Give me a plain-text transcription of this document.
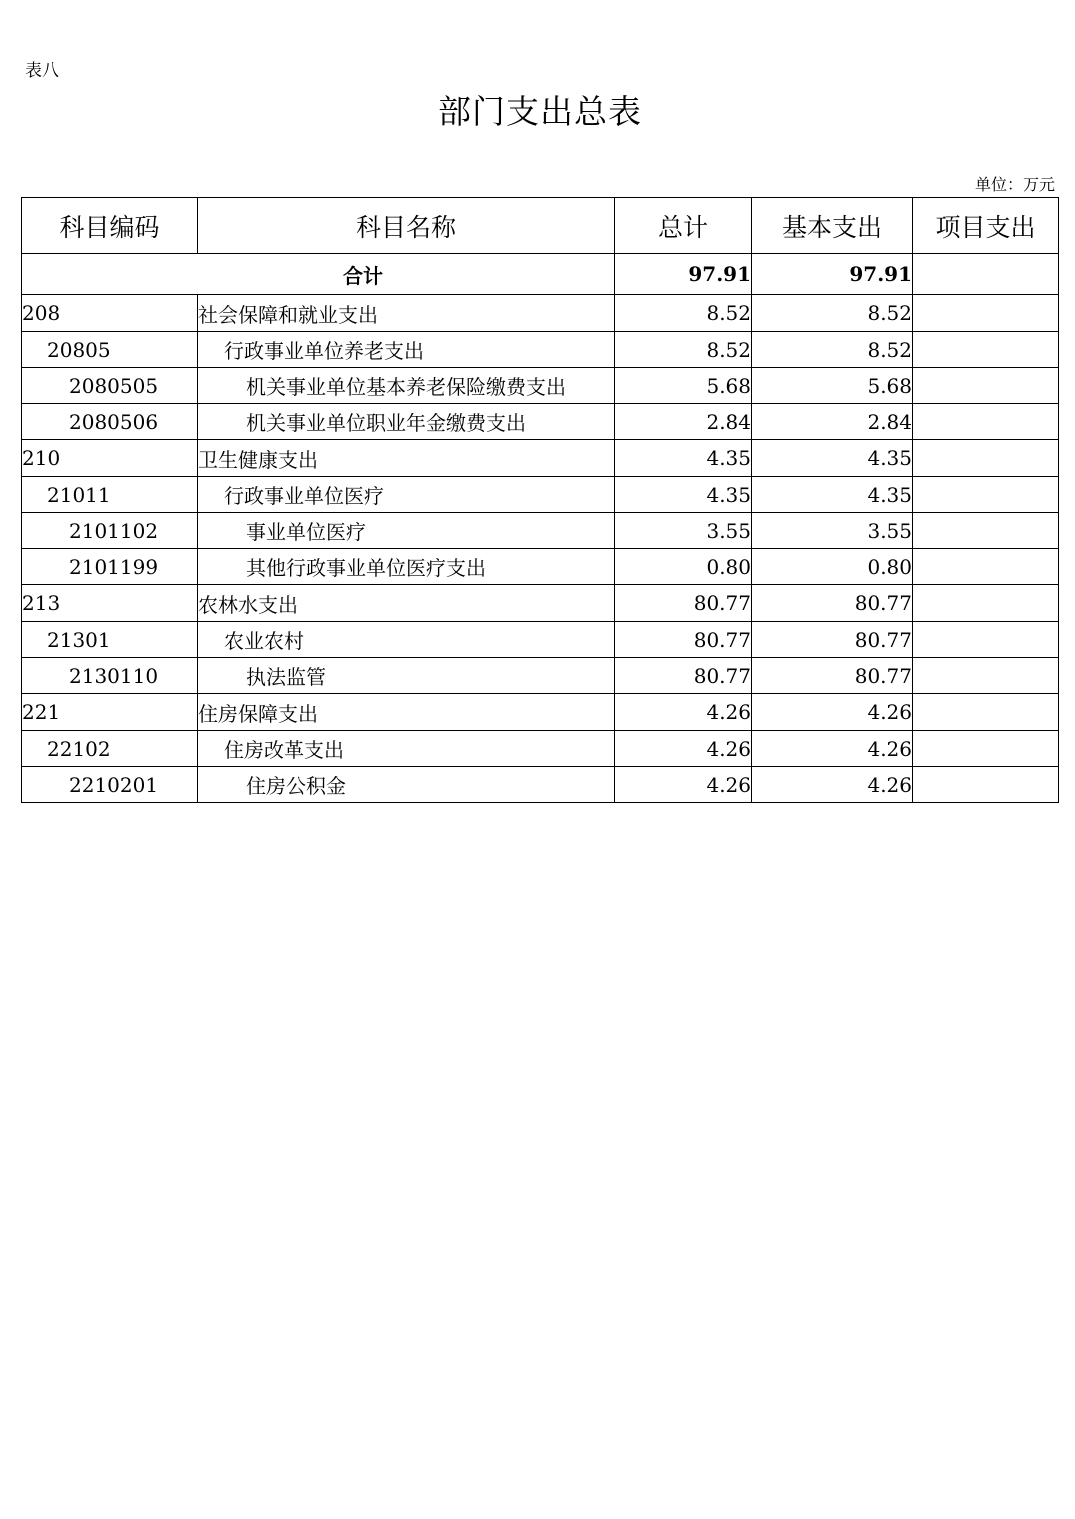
表八
部门支出总表
单位：万元
科目编码	科目名称	总计	基本支出	项目支出
合计		97.91	97.91	
208	社会保障和就业支出	8.52	8.52	
20805	行政事业单位养老支出	8.52	8.52	
2080505	机关事业单位基本养老保险缴费支出	5.68	5.68	
2080506	机关事业单位职业年金缴费支出	2.84	2.84	
210	卫生健康支出	4.35	4.35	
21011	行政事业单位医疗	4.35	4.35	
2101102	事业单位医疗	3.55	3.55	
2101199	其他行政事业单位医疗支出	0.80	0.80	
213	农林水支出	80.77	80.77	
21301	农业农村	80.77	80.77	
2130110	执法监管	80.77	80.77	
221	住房保障支出	4.26	4.26	
22102	住房改革支出	4.26	4.26	
2210201	住房公积金	4.26	4.26	
